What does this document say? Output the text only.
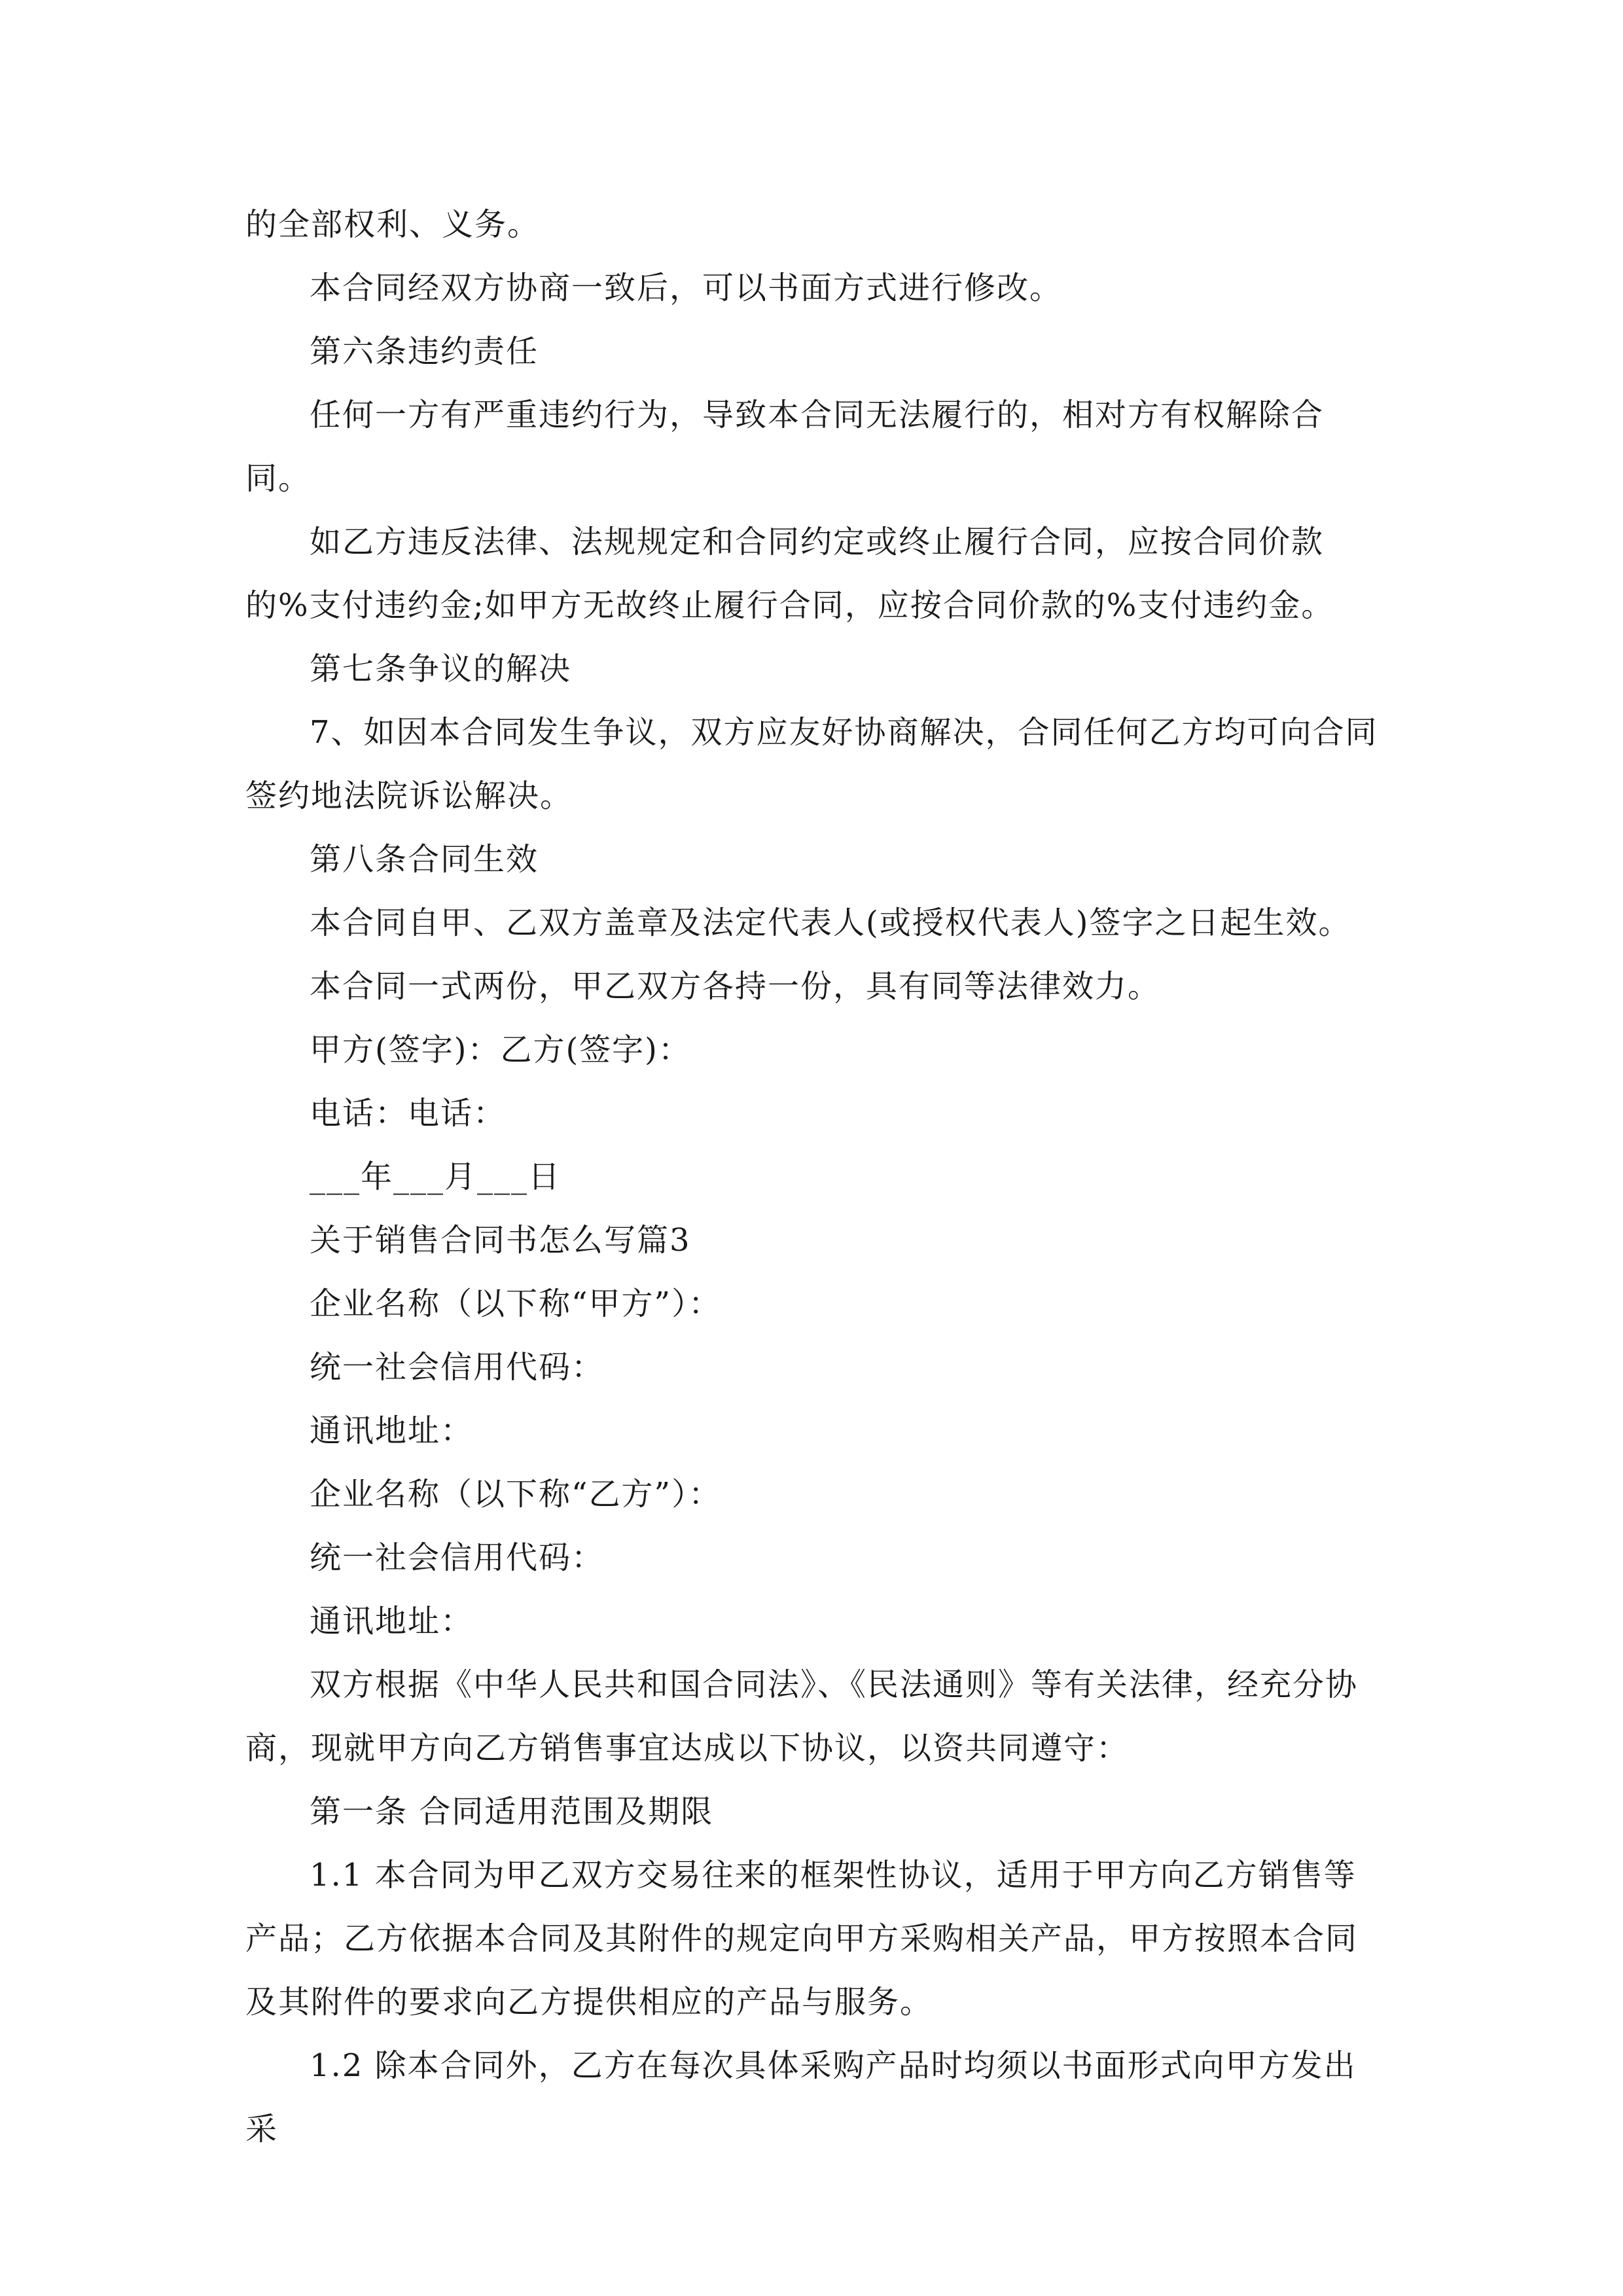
的全部权利、义务。

本合同经双方协商一致后，可以书面方式进行修改。

第六条违约责任

任何一方有严重违约行为，导致本合同无法履行的，相对方有权解除合同。

如乙方违反法律、法规规定和合同约定或终止履行合同，应按合同价款的%支付违约金;如甲方无故终止履行合同，应按合同价款的%支付违约金。

第七条争议的解决

7、如因本合同发生争议，双方应友好协商解决，合同任何乙方均可向合同签约地法院诉讼解决。

第八条合同生效

本合同自甲、乙双方盖章及法定代表人(或授权代表人)签字之日起生效。

本合同一式两份，甲乙双方各持一份，具有同等法律效力。

甲方(签字)：乙方(签字)：

电话：电话：

___年___月___日

关于销售合同书怎么写篇3

企业名称（以下称“甲方”）：

统一社会信用代码：

通讯地址：

企业名称（以下称“乙方”）：

统一社会信用代码：

通讯地址：

双方根据《中华人民共和国合同法》、《民法通则》等有关法律，经充分协商，现就甲方向乙方销售事宜达成以下协议，以资共同遵守：

第一条 合同适用范围及期限

1.1 本合同为甲乙双方交易往来的框架性协议，适用于甲方向乙方销售等产品；乙方依据本合同及其附件的规定向甲方采购相关产品，甲方按照本合同及其附件的要求向乙方提供相应的产品与服务。

1.2 除本合同外，乙方在每次具体采购产品时均须以书面形式向甲方发出采
